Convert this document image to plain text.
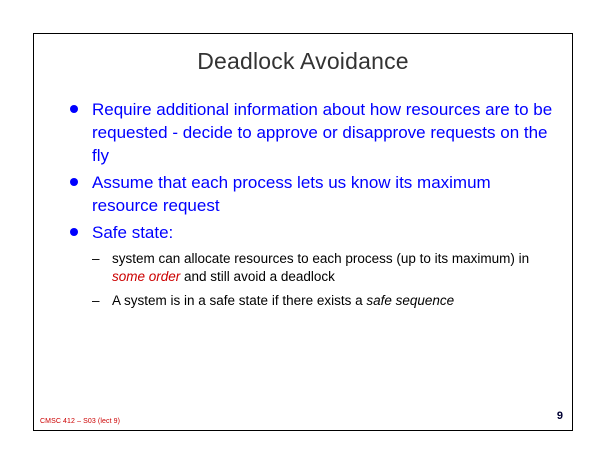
Deadlock Avoidance
Require additional information about how resources are to be requested - decide to approve or disapprove requests on the fly
Assume that each process lets us know its maximum resource request
Safe state:
– system can allocate resources to each process (up to its maximum) in some order and still avoid a deadlock
– A system is in a safe state if there exists a safe sequence
CMSC 412 – S03 (lect 9)	9
